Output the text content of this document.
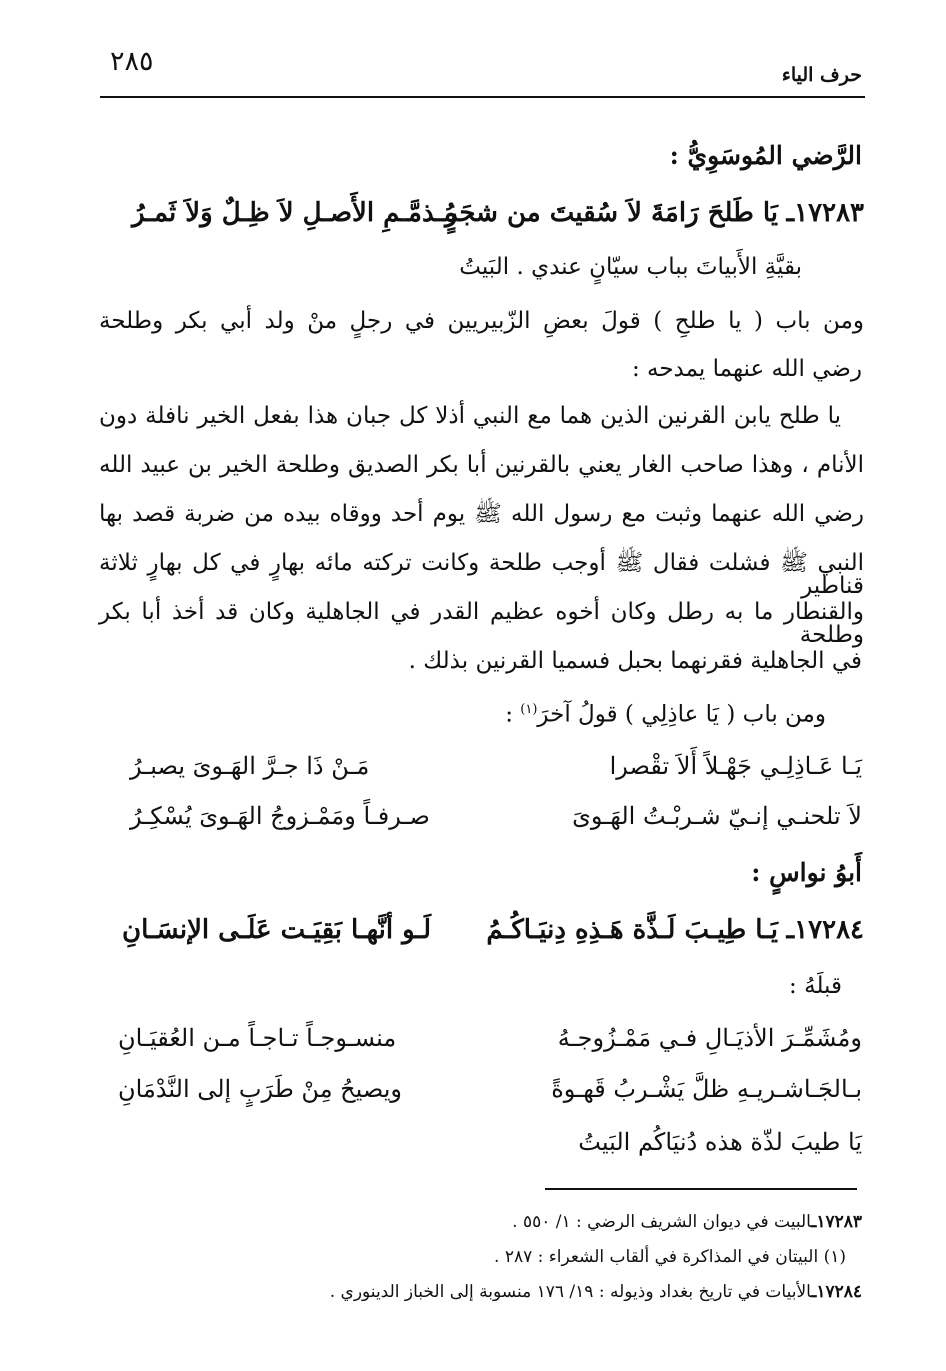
٢٨٥	حرف الياء
الرَّضي المُوسَوِيُّ :
١٧٢٨٣ـ
يَا طَلحَ رَامَةَ لاَ سُقيتَ من شجَرٍ
مُـذمَّـمِ الأَصـلِ لاَ ظِـلٌ وَلاَ ثَمـرُ
بقيَّةِ الأَبياتَ بباب سيّانٍ عندي . البَيتُ
ومن باب ( يا طلحِ ) قولَ بعضِ الزّبيريين في رجلٍ منْ ولد أبي بكر وطلحة
رضي الله عنهما يمدحه :
يا طلح يابن القرنين الذين هما مع النبي أذلا كل جبان هذا بفعل الخير نافلة دون
الأنام ، وهذا صاحب الغار يعني بالقرنين أبا بكر الصديق وطلحة الخير بن عبيد الله
رضي الله عنهما وثبت مع رسول الله ﷺ يوم أحد ووقاه بيده من ضربة قصد بها
النبي ﷺ فشلت فقال ﷺ أوجب طلحة وكانت تركته مائه بهارٍ في كل بهارٍ ثلاثة قناطير
والقنطار ما به رطل وكان أخوه عظيم القدر في الجاهلية وكان قد أخذ أبا بكر وطلحة
في الجاهلية فقرنهما بحبل فسميا القرنين بذلك .
ومن باب ( يَا عاذِلِي ) قولُ آخرَ$^{(١)}$ :
يَـا عَـاذِلِـي جَهْـلاً أَلاَ تقْصرا
مَـنْ ذَا جـرَّ الهَـوىَ يصبـرُ
لاَ تلحنـي إنـيّ شـربْـتُ الهَـوىَ
صـرفـاً ومَمْـزوجُ الهَـوىَ يُسْكِـرُ
أَبوُ نواسٍ :
١٧٢٨٤ـ
يَـا طِيـبَ لَـذَّة هَـذِهِ دِنيَـاكُـمُ
لَـو أنَّهـا بَقِيَـت عَلَـى الإنسَـانِ
قبلَهُ :
ومُشَمِّـرَ الأذيَـالِ فـي مَمْـزُوجـهُ
منسـوجـاً تـاجـاً مـن العُقيَـانِ
بـالجَـاشـريـهِ ظلَّ يَشْـربُ قَهـوةً
ويصيحُ مِنْ طَرَبٍ إلى النَّدْمَانِ
يَا طيبَ لذّة هذه دُنيَاكُم البَيتُ
١٧٢٨٣ـالبيت في ديوان الشريف الرضي : ١/ ٥٥٠ .
(١) البيتان في المذاكرة في ألقاب الشعراء : ٢٨٧ .
١٧٢٨٤ـالأبيات في تاريخ بغداد وذيوله : ١٩/ ١٧٦ منسوبة إلى الخباز الدينوري .
